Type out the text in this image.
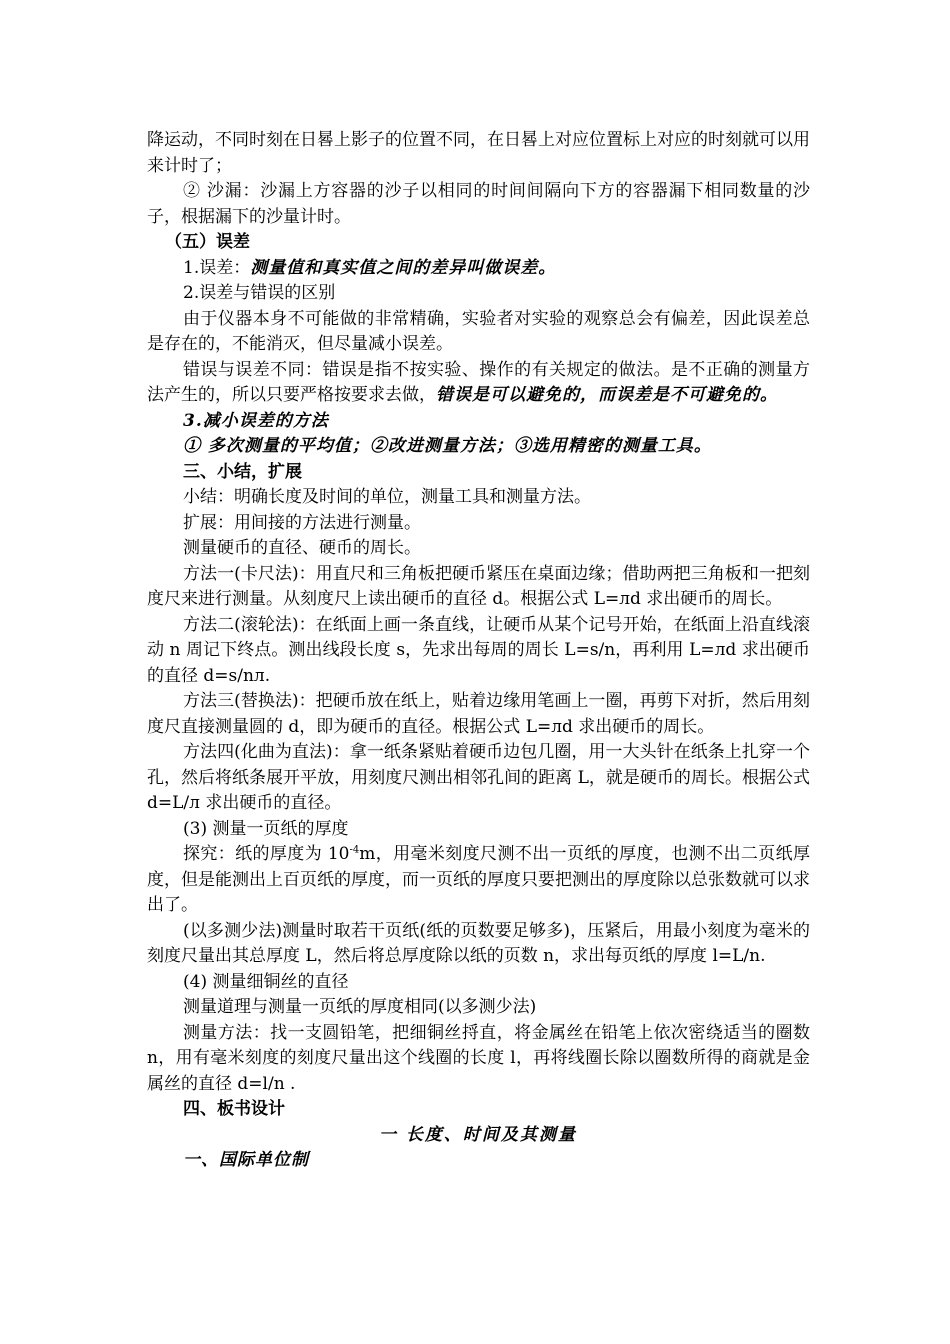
降运动，不同时刻在日晷上影子的位置不同，在日晷上对应位置标上对应的时刻就可以用来计时了；

② 沙漏：沙漏上方容器的沙子以相同的时间间隔向下方的容器漏下相同数量的沙子，根据漏下的沙量计时。

（五）误差

1.误差：测量值和真实值之间的差异叫做误差。

2.误差与错误的区别

由于仪器本身不可能做的非常精确，实验者对实验的观察总会有偏差，因此误差总是存在的，不能消灭，但尽量减小误差。

错误与误差不同：错误是指不按实验、操作的有关规定的做法。是不正确的测量方法产生的，所以只要严格按要求去做，错误是可以避免的，而误差是不可避免的。

3.减小误差的方法

① 多次测量的平均值；②改进测量方法；③选用精密的测量工具。

三、小结，扩展

小结：明确长度及时间的单位，测量工具和测量方法。

扩展：用间接的方法进行测量。

测量硬币的直径、硬币的周长。

方法一(卡尺法)：用直尺和三角板把硬币紧压在桌面边缘；借助两把三角板和一把刻度尺来进行测量。从刻度尺上读出硬币的直径 d。根据公式 L=лd 求出硬币的周长。

方法二(滚轮法)：在纸面上画一条直线，让硬币从某个记号开始，在纸面上沿直线滚动 n 周记下终点。测出线段长度 s，先求出每周的周长 L=s/n，再利用 L=лd 求出硬币的直径 d=s/nл.

方法三(替换法)：把硬币放在纸上，贴着边缘用笔画上一圈，再剪下对折，然后用刻度尺直接测量圆的 d，即为硬币的直径。根据公式 L=лd 求出硬币的周长。

方法四(化曲为直法)：拿一纸条紧贴着硬币边包几圈，用一大头针在纸条上扎穿一个孔，然后将纸条展开平放，用刻度尺测出相邻孔间的距离 L，就是硬币的周长。根据公式 d=L/л 求出硬币的直径。

(3) 测量一页纸的厚度

探究：纸的厚度为 $10^{-4}m$，用毫米刻度尺测不出一页纸的厚度，也测不出二页纸厚度，但是能测出上百页纸的厚度，而一页纸的厚度只要把测出的厚度除以总张数就可以求出了。

(以多测少法)测量时取若干页纸(纸的页数要足够多)，压紧后，用最小刻度为毫米的刻度尺量出其总厚度 L，然后将总厚度除以纸的页数 n，求出每页纸的厚度 l=L/n.

(4) 测量细铜丝的直径

测量道理与测量一页纸的厚度相同(以多测少法)

测量方法：找一支圆铅笔，把细铜丝捋直，将金属丝在铅笔上依次密绕适当的圈数 n，用有毫米刻度的刻度尺量出这个线圈的长度 l，再将线圈长除以圈数所得的商就是金属丝的直径 d=l/n .

四、板书设计

一 长度、时间及其测量

一、国际单位制
